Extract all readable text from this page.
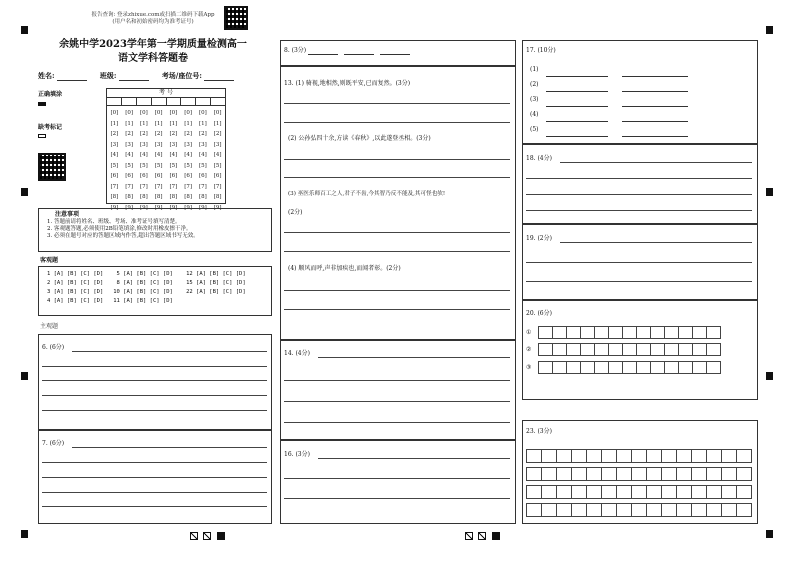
报告查询: 登录zhixue.com或扫描二维码下载App
(用户名和初始密码均为准考证号)
余姚中学2023学年第一学期质量检测高一
语文学科答题卷
姓名:	班级:	考场/座位号:
正确填涂
缺考标记
考 号
[0]
[1]
[2]
[3]
[4]
[5]
[6]
[7]
[8]
[9]
[0]
[1]
[2]
[3]
[4]
[5]
[6]
[7]
[8]
[9]
[0]
[1]
[2]
[3]
[4]
[5]
[6]
[7]
[8]
[9]
[0]
[1]
[2]
[3]
[4]
[5]
[6]
[7]
[8]
[9]
[0]
[1]
[2]
[3]
[4]
[5]
[6]
[7]
[8]
[9]
[0]
[1]
[2]
[3]
[4]
[5]
[6]
[7]
[8]
[9]
[0]
[1]
[2]
[3]
[4]
[5]
[6]
[7]
[8]
[9]
[0]
[1]
[2]
[3]
[4]
[5]
[6]
[7]
[8]
[9]

注意事项

1. 答题前请将姓名、班级、考场、准考证号填写清楚。

2. 客观题答题,必须使用2B铅笔填涂,修改时用橡皮擦干净。

3. 必须在题号对应的答题区域内作答,超出答题区域书写无效。

客观题
1 [A] [B] [C] [D]    5 [A] [B] [C] [D]    12 [A] [B] [C] [D]
2 [A] [B] [C] [D]    8 [A] [B] [C] [D]    15 [A] [B] [C] [D]
3 [A] [B] [C] [D]   10 [A] [B] [C] [D]    22 [A] [B] [C] [D]
4 [A] [B] [C] [D]   11 [A] [B] [C] [D]
主观题
6. (6分)
7. (6分)
8. (3分)
13. (1) 骑视,地相然,则既平安,已而复然。(3分)
(2) 公孙弘四十余,方读《春秋》,以此遂登丞相。(3分)
(3) 巫医乐师百工之人,君子不齿,今其智乃反不能及,其可怪也欤!
(2分)
(4) 顺风而呼,声非加疾也,而闻者彰。(2分)
14. (4分)
16. (3分)
17. (10分)
(1)
(2)
(3)
(4)
(5)
18. (4分)
19. (2分)
20. (6分)
①
②
③
23. (3分)
